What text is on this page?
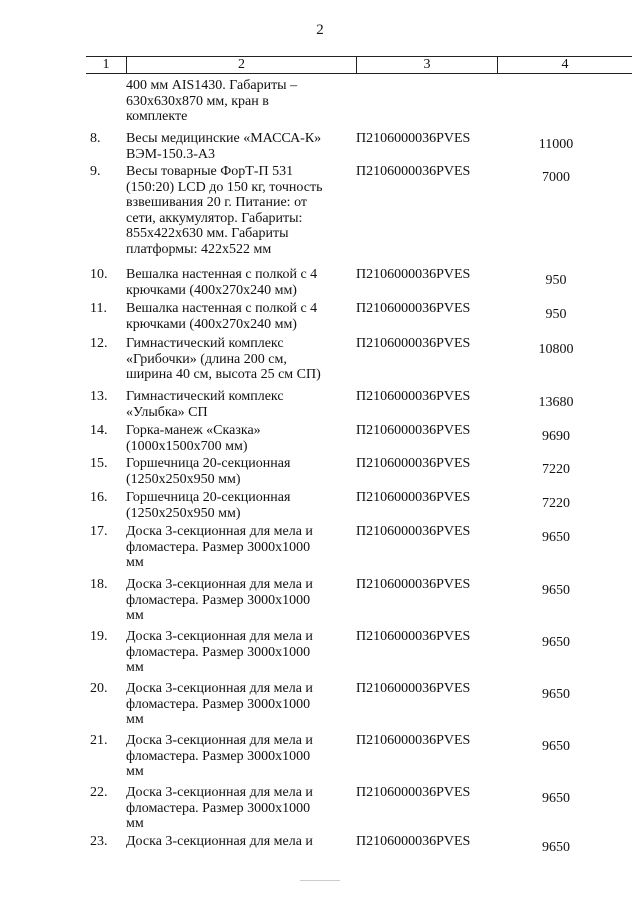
2
1	2	3	4
400 мм AIS1430. Габариты –
630x630x870 мм, кран в
комплекте
8.	Весы медицинские «МАССА-К»
ВЭМ-150.3-А3
П2106000036PVES	11000
9.	Весы товарные ФорТ-П 531
(150:20) LCD до 150 кг, точность
взвешивания 20 г. Питание: от
сети, аккумулятор. Габариты:
855x422x630 мм. Габариты
платформы: 422x522 мм
П2106000036PVES	7000
10.	Вешалка настенная с полкой с 4
крючками (400x270x240 мм)
П2106000036PVES	950
11.	Вешалка настенная с полкой с 4
крючками (400x270x240 мм)
П2106000036PVES	950
12.	Гимнастический комплекс
«Грибочки» (длина 200 см,
ширина 40 см, высота 25 см СП)
П2106000036PVES	10800
13.	Гимнастический комплекс
«Улыбка» СП
П2106000036PVES	13680
14.	Горка-манеж «Сказка»
(1000x1500x700 мм)
П2106000036PVES	9690
15.	Горшечница 20-секционная
(1250x250x950 мм)
П2106000036PVES	7220
16.	Горшечница 20-секционная
(1250x250x950 мм)
П2106000036PVES	7220
17.	Доска 3-секционная для мела и
фломастера. Размер 3000x1000
мм
П2106000036PVES	9650
18.	Доска 3-секционная для мела и
фломастера. Размер 3000x1000
мм
П2106000036PVES	9650
19.	Доска 3-секционная для мела и
фломастера. Размер 3000x1000
мм
П2106000036PVES	9650
20.	Доска 3-секционная для мела и
фломастера. Размер 3000x1000
мм
П2106000036PVES	9650
21.	Доска 3-секционная для мела и
фломастера. Размер 3000x1000
мм
П2106000036PVES	9650
22.	Доска 3-секционная для мела и
фломастера. Размер 3000x1000
мм
П2106000036PVES	9650
23.	Доска 3-секционная для мела и	П2106000036PVES	9650
